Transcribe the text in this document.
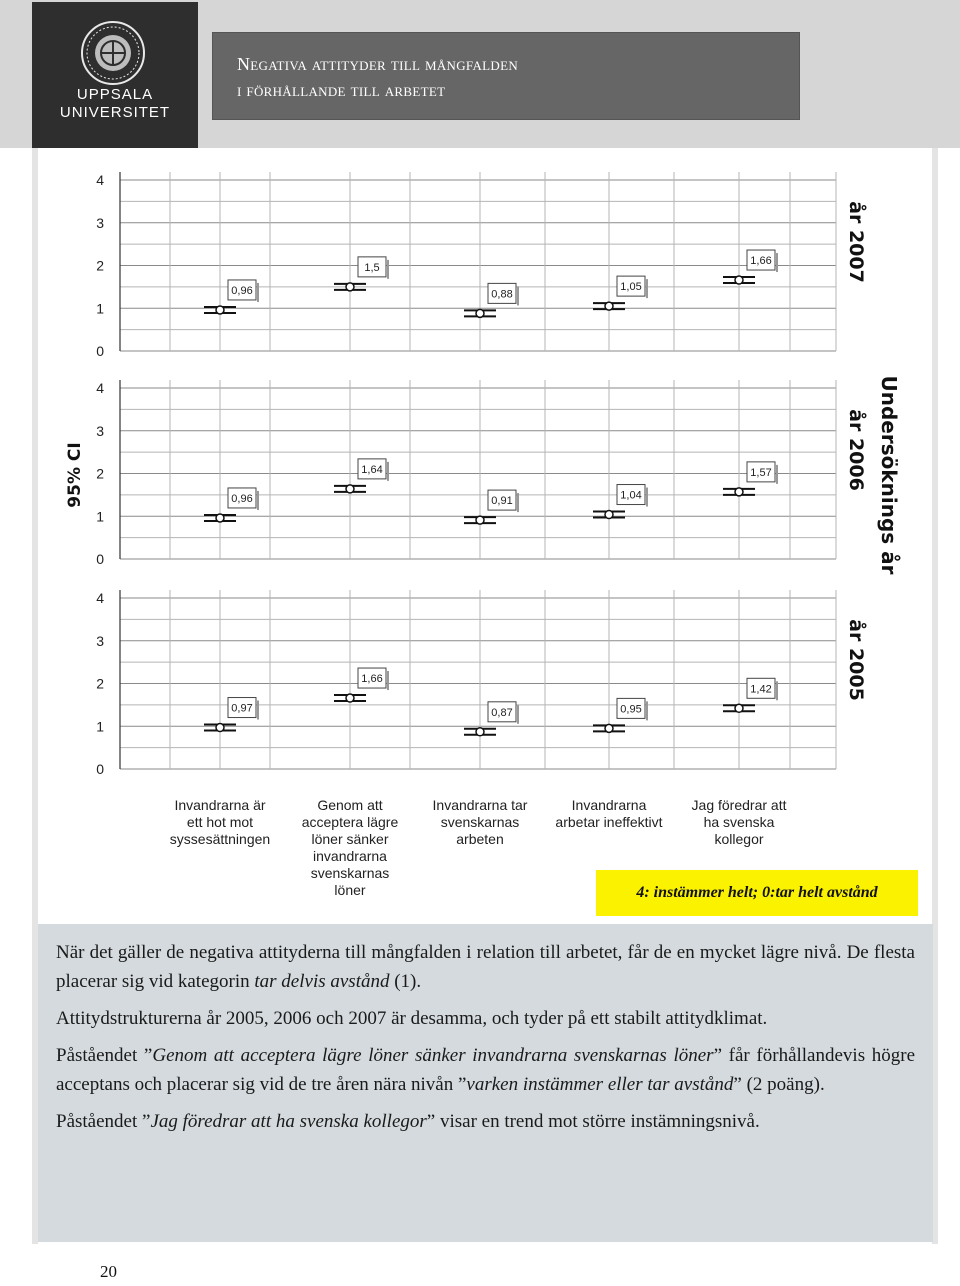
UPPSALA
UNIVERSITET
Negativa attityder till mångfalden
i förhållande till arbetet
0
1
2
3
4
0,96
1,5
0,88
1,05
1,66	år 2007
0
1
2
3
4
0,96
1,64
0,91	1,04
1,57	år 2006
0
1
2
3
4
0,97
1,66
0,87	0,95
1,42	år 2005
95% CI	Undersöknings år
Invandrarna är
ett hot mot
syssesättningen
Genom att
acceptera lägre
löner sänker
invandrarna
svenskarnas
löner
Invandrarna tar
svenskarnas
arbeten
Invandrarna
arbetar ineffektivt
Jag föredrar att
ha svenska
kollegor
4: instämmer helt; 0:tar helt avstånd

När det gäller de negativa attityderna till mångfalden i relation till arbetet, får de en mycket lägre nivå. De flesta placerar sig vid kategorin tar delvis avstånd (1).

Attitydstrukturerna år 2005, 2006 och 2007 är desamma, och tyder på ett stabilt attitydklimat.

Påståendet ”Genom att acceptera lägre löner sänker invandrarna svenskarnas löner” får förhållandevis högre acceptans och placerar sig vid de tre åren nära nivån ”varken instämmer eller tar avstånd” (2 poäng).

Påståendet ”Jag föredrar att ha svenska kollegor” visar en trend mot större instämningsnivå.

20
